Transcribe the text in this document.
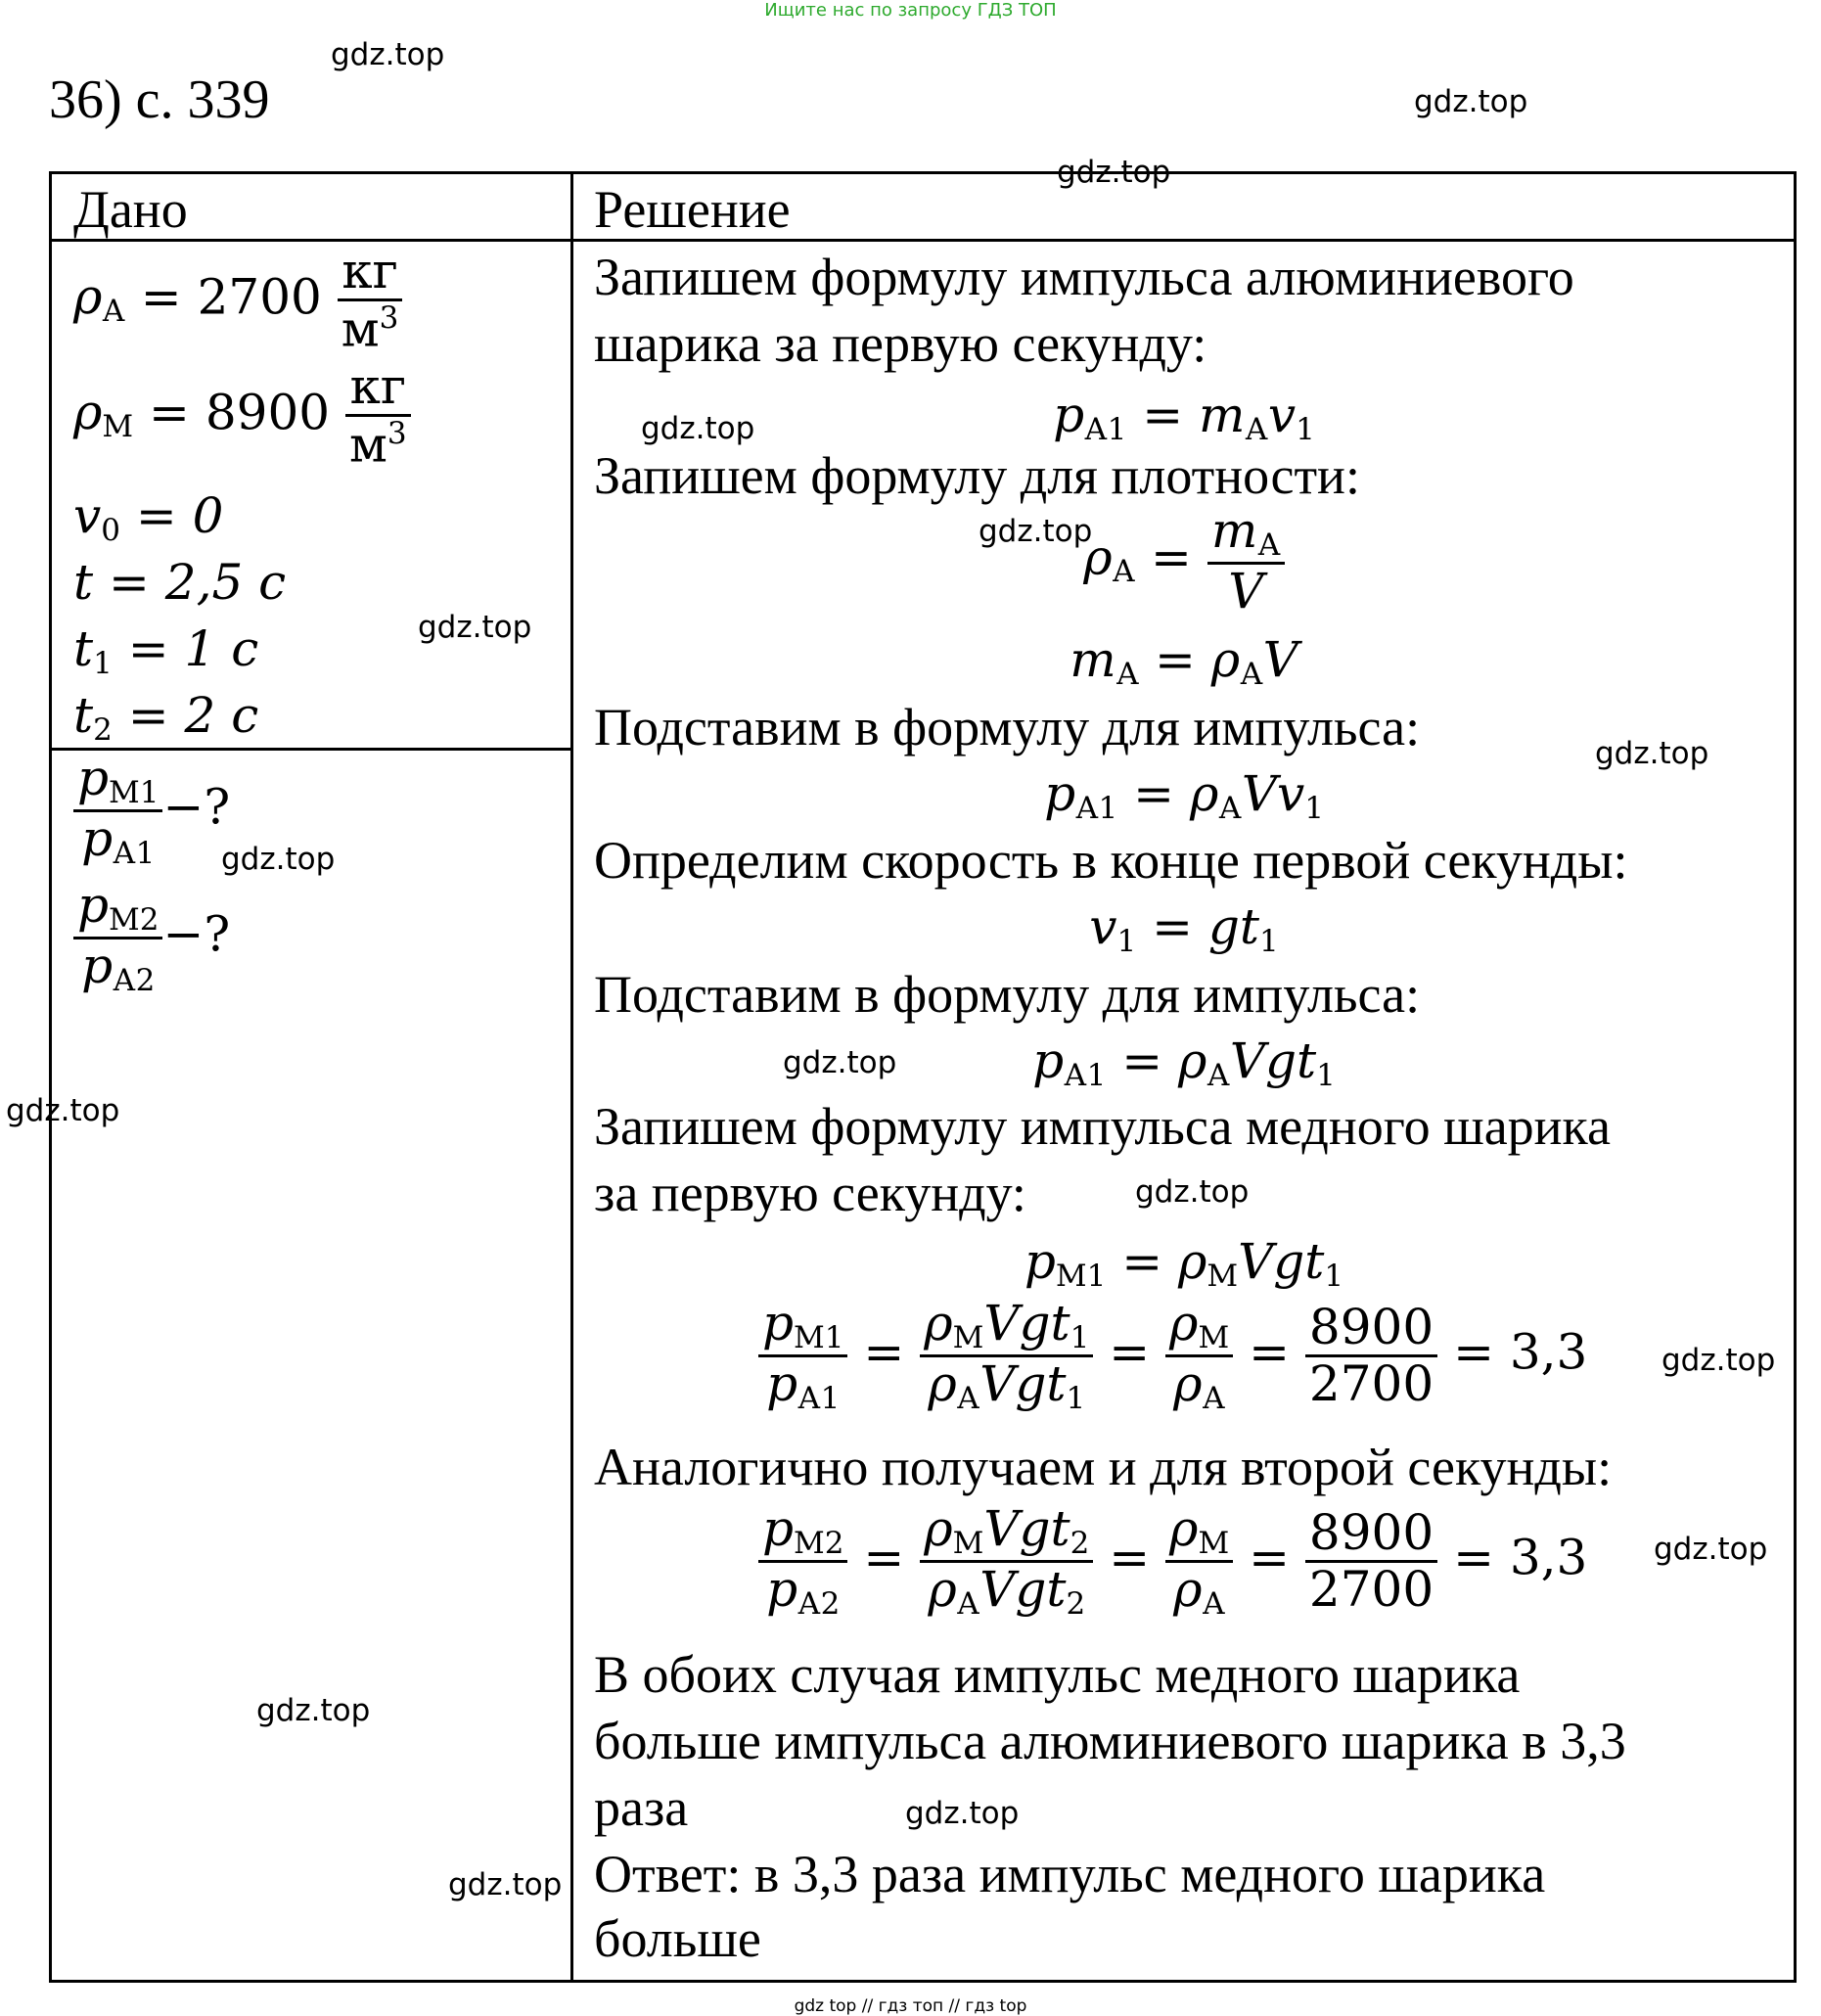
Ищите нас по запросу ГДЗ ТОП
36) с. 339
Дано	Решение
$\rho_А = 2700 \frac{кг}{м^3}$
$\rho_М = 8900 \frac{кг}{м^3}$
$v_0 = 0$
t = 2,5 с
$t_1 = 1$ с
$t_2 = 2$ с
$\frac{p_{М1}}{p_{А1}}$ −?
$\frac{p_{М2}}{p_{А2}}$ −?
Запишем формулу импульса алюминиевого
шарика за первую секунду:
$p_{А1} = m_Аv_1$
Запишем формулу для плотности:
$\rho_А = \frac{m_А}{V}$
$m_А = \rho_АV$
Подставим в формулу для импульса:
$p_{А1} = \rho_АVv_1$
Определим скорость в конце первой секунды:
$v_1 = gt_1$
Подставим в формулу для импульса:
$p_{А1} = \rho_АVgt_1$
Запишем формулу импульса медного шарика
за первую секунду:
$p_{М1} = \rho_МVgt_1$
$\frac{p_{М1}}{p_{А1}} = \frac{\rho_МVgt_1}{\rho_АVgt_1} = \frac{\rho_М}{\rho_А} = \frac{8900}{2700} = 3,3$
Аналогично получаем и для второй секунды:
$\frac{p_{М2}}{p_{А2}} = \frac{\rho_МVgt_2}{\rho_АVgt_2} = \frac{\rho_М}{\rho_А} = \frac{8900}{2700} = 3,3$
В обоих случая импульс медного шарика
больше импульса алюминиевого шарика в 3,3
раза
Ответ: в 3,3 раза импульс медного шарика
больше
gdz.top
gdz.top
gdz.top
gdz.top
gdz.top
gdz.top
gdz.top
gdz.top
gdz.top
gdz.top
gdz.top
gdz.top
gdz.top
gdz.top
gdz.top
gdz.top
gdz top // гдз топ // гдз top
